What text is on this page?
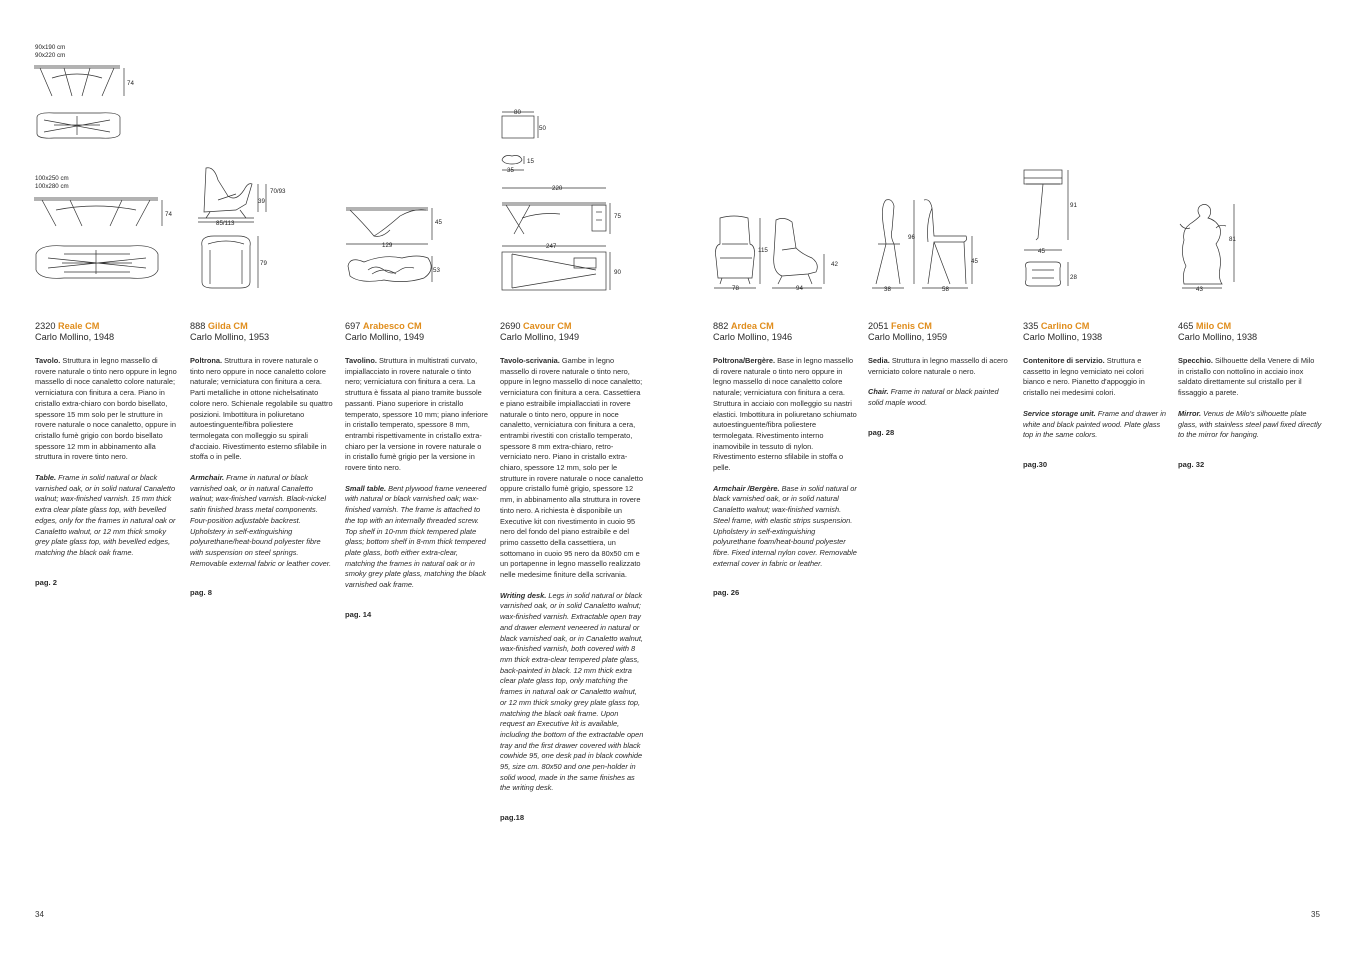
90x190 cm
90x220 cm
74
100x250 cm
100x280 cm
74
70/93
39
85/113
79
45
129
53
80
50
15
35
220
75
247
90
115
78	94
42
96
38	58
45
91
45
28
81
43
2320 Reale CM
Carlo Mollino, 1948

Tavolo. Struttura in legno massello di rovere naturale o tinto nero oppure in legno massello di noce canaletto colore naturale; verniciatura con finitura a cera. Piano in cristallo extra-chiaro con bordo bisellato, spessore 15 mm solo per le strutture in rovere naturale o noce canaletto, oppure in cristallo fumè grigio con bordo bisellato spessore 12 mm in abbinamento alla struttura in rovere tinto nero.

Table. Frame in solid natural or black varnished oak, or in solid natural Canaletto walnut; wax-finished varnish. 15 mm thick extra clear plate glass top, with bevelled edges, only for the frames in natural oak or Canaletto walnut, or 12 mm thick smoky grey plate glass top, with bevelled edges, matching the black oak frame.

pag. 2
888 Gilda CM
Carlo Mollino, 1953

Poltrona. Struttura in rovere naturale o tinto nero oppure in noce canaletto colore naturale; verniciatura con finitura a cera. Parti metalliche in ottone nichelsatinato colore nero. Schienale regolabile su quattro posizioni. Imbottitura in poliuretano autoestinguente/fibra poliestere termolegata con molleggio su spirali d'acciaio. Rivestimento esterno sfilabile in stoffa o in pelle.

Armchair. Frame in natural or black varnished oak, or in natural Canaletto walnut; wax-finished varnish. Black-nickel satin finished brass metal components. Four-position adjustable backrest. Upholstery in self-extinguishing polyurethane/heat-bound polyester fibre with suspension on steel springs. Removable external fabric or leather cover.

pag. 8
697 Arabesco CM
Carlo Mollino, 1949

Tavolino. Struttura in multistrati curvato, impiallacciato in rovere naturale o tinto nero; verniciatura con finitura a cera. La struttura è fissata al piano tramite bussole passanti. Piano superiore in cristallo temperato, spessore 10 mm; piano inferiore in cristallo temperato, spessore 8 mm, entrambi rispettivamente in cristallo extra-chiaro per la versione in rovere naturale o in cristallo fumè grigio per la versione in rovere tinto nero.

Small table. Bent plywood frame veneered with natural or black varnished oak; wax-finished varnish. The frame is attached to the top with an internally threaded screw. Top shelf in 10-mm thick tempered plate glass; bottom shelf in 8-mm thick tempered plate glass, both either extra-clear, matching the frames in natural oak or in smoky grey plate glass, matching the black varnished oak frame.

pag. 14
2690 Cavour CM
Carlo Mollino, 1949

Tavolo-scrivania. Gambe in legno massello di rovere naturale o tinto nero, oppure in legno massello di noce canaletto; verniciatura con finitura a cera. Cassettiera e piano estraibile impiallacciati in rovere naturale o tinto nero, oppure in noce canaletto, verniciatura con finitura a cera, entrambi rivestiti con cristallo temperato, spessore 8 mm extra-chiaro, retro-verniciato nero. Piano in cristallo extra-chiaro, spessore 12 mm, solo per le strutture in rovere naturale o noce canaletto oppure cristallo fumè grigio, spessore 12 mm, in abbinamento alla struttura in rovere tinto nero. A richiesta è disponibile un Executive kit con rivestimento in cuoio 95 nero del fondo del piano estraibile e del primo cassetto della cassettiera, un sottomano in cuoio 95 nero da 80x50 cm e un portapenne in legno massello realizzato nelle medesime finiture della scrivania.

Writing desk. Legs in solid natural or black varnished oak, or in solid Canaletto walnut; wax-finished varnish. Extractable open tray and drawer element veneered in natural or black varnished oak, or in Canaletto walnut, wax-finished varnish, both covered with 8 mm thick extra-clear tempered plate glass, back-painted in black. 12 mm thick extra clear plate glass top, only matching the frames in natural oak or Canaletto walnut, or 12 mm thick smoky grey plate glass top, matching the black oak frame. Upon request an Executive kit is available, including the bottom of the extractable open tray and the first drawer covered with black cowhide 95, one desk pad in black cowhide 95, size cm. 80x50 and one pen-holder in solid wood, made in the same finishes as the writing desk.

pag.18
882 Ardea CM
Carlo Mollino, 1946

Poltrona/Bergère. Base in legno massello di rovere naturale o tinto nero oppure in legno massello di noce canaletto colore naturale; verniciatura con finitura a cera. Struttura in acciaio con molleggio su nastri elastici. Imbottitura in poliuretano schiumato autoestinguente/fibra poliestere termolegata. Rivestimento interno inamovibile in tessuto di nylon. Rivestimento esterno sfilabile in stoffa o pelle.

Armchair /Bergère. Base in solid natural or black varnished oak, or in solid natural Canaletto walnut; wax-finished varnish. Steel frame, with elastic strips suspension. Upholstery in self-extinguishing polyurethane foam/heat-bound polyester fibre. Fixed internal nylon cover. Removable external cover in fabric or leather.

pag. 26
2051 Fenis CM
Carlo Mollino, 1959

Sedia. Struttura in legno massello di acero verniciato colore naturale o nero.

Chair. Frame in natural or black painted solid maple wood.

pag. 28
335 Carlino CM
Carlo Mollino, 1938

Contenitore di servizio. Struttura e cassetto in legno verniciato nei colori bianco e nero. Pianetto d'appoggio in cristallo nei medesimi colori.

Service storage unit. Frame and drawer in white and black painted wood. Plate glass top in the same colors.

pag.30
465 Milo CM
Carlo Mollino, 1938

Specchio. Silhouette della Venere di Milo in cristallo con nottolino in acciaio inox saldato direttamente sul cristallo per il fissaggio a parete.

Mirror. Venus de Milo's silhouette plate glass, with stainless steel pawl fixed directly to the mirror for hanging.

pag. 32
34	35
